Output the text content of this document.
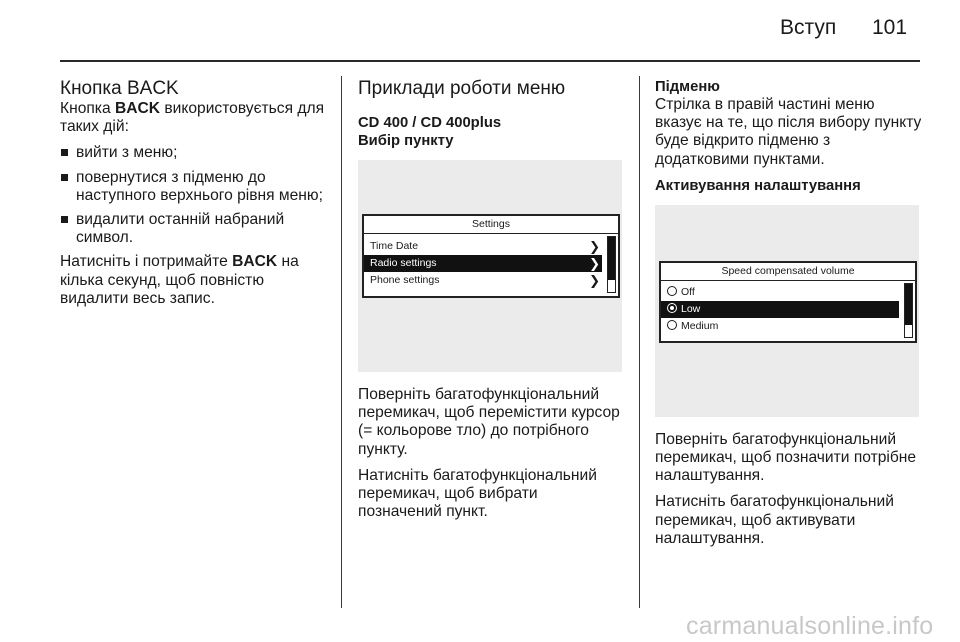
Вступ 101
Кнопка BACK

Кнопка BACK використовується для таких дій:

вийти з меню;
повернутися з підменю до наступного верхнього рівня меню;
видалити останній набраний символ.

Натисніть і потримайте BACK на кілька секунд, щоб повністю видалити весь запис.

Приклади роботи меню
CD 400 / CD 400plus
Вибір пункту
Settings
Time Date	❯
Radio settings	❯
Phone settings	❯

Поверніть багатофункціональний перемикач, щоб перемістити курсор (= кольорове тло) до потрібного пункту.

Натисніть багатофункціональний перемикач, щоб вибрати позначений пункт.

Підменю

Стрілка в правій частині меню вказує на те, що після вибору пункту буде відкрито підменю з додатковими пунктами.

Активування налаштування
Speed compensated volume
Off
Low
Medium

Поверніть багатофункціональний перемикач, щоб позначити потрібне налаштування.

Натисніть багатофункціональний перемикач, щоб активувати налаштування.

carmanualsonline.info
